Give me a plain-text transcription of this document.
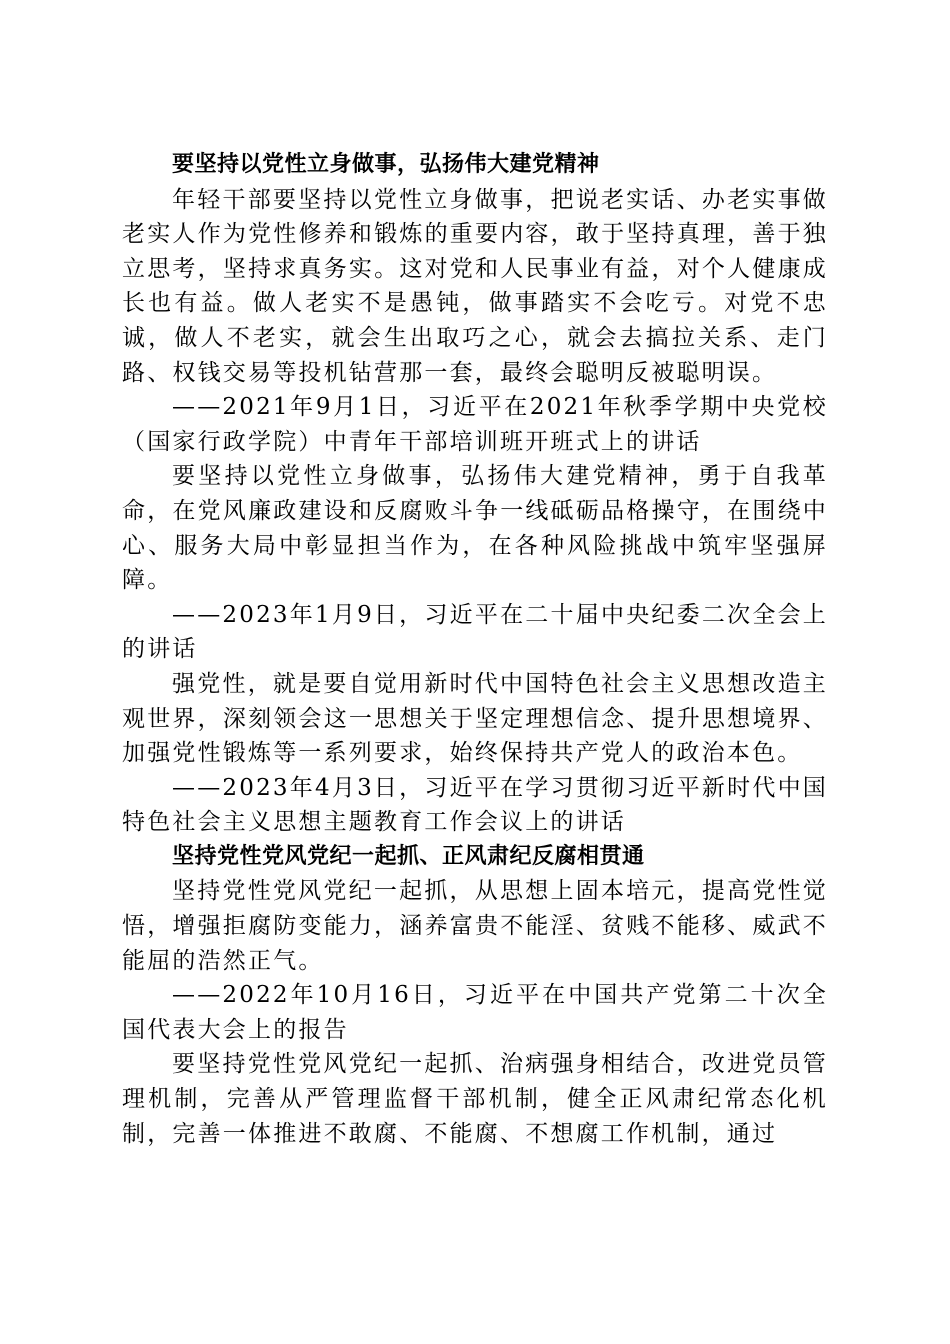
要坚持以党性立身做事，弘扬伟大建党精神

年轻干部要坚持以党性立身做事，把说老实话、办老实事做老实人作为党性修养和锻炼的重要内容，敢于坚持真理，善于独立思考，坚持求真务实。这对党和人民事业有益，对个人健康成长也有益。做人老实不是愚钝，做事踏实不会吃亏。对党不忠诚，做人不老实，就会生出取巧之心，就会去搞拉关系、走门路、权钱交易等投机钻营那一套，最终会聪明反被聪明误。

——2021年9月1日，习近平在2021年秋季学期中央党校（国家行政学院）中青年干部培训班开班式上的讲话

要坚持以党性立身做事，弘扬伟大建党精神，勇于自我革命，在党风廉政建设和反腐败斗争一线砥砺品格操守，在围绕中心、服务大局中彰显担当作为，在各种风险挑战中筑牢坚强屏障。

——2023年1月9日，习近平在二十届中央纪委二次全会上的讲话

强党性，就是要自觉用新时代中国特色社会主义思想改造主观世界，深刻领会这一思想关于坚定理想信念、提升思想境界、加强党性锻炼等一系列要求，始终保持共产党人的政治本色。

——2023年4月3日，习近平在学习贯彻习近平新时代中国特色社会主义思想主题教育工作会议上的讲话

坚持党性党风党纪一起抓、正风肃纪反腐相贯通

坚持党性党风党纪一起抓，从思想上固本培元，提高党性觉悟，增强拒腐防变能力，涵养富贵不能淫、贫贱不能移、威武不能屈的浩然正气。

——2022年10月16日，习近平在中国共产党第二十次全国代表大会上的报告

要坚持党性党风党纪一起抓、治病强身相结合，改进党员管理机制，完善从严管理监督干部机制，健全正风肃纪常态化机制，完善一体推进不敢腐、不能腐、不想腐工作机制，通过
